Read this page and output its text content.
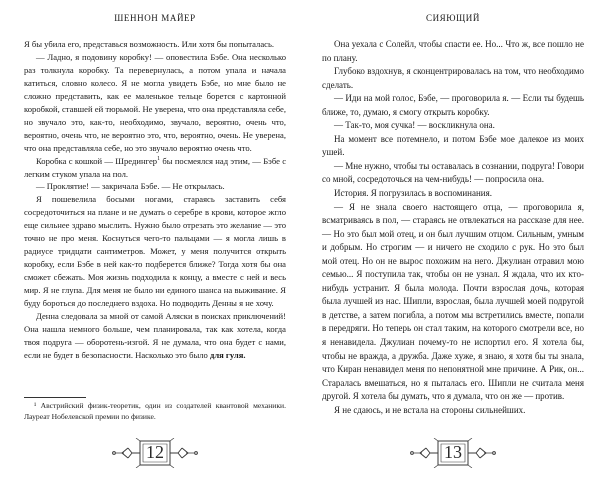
ШЕННОН МАЙЕР

Я бы убила его, представься возможность. Или хотя бы попыталась.

— Ладно, я подовину коробку! — оповестила Бэбе. Она несколько раз толкнула коробку. Та перевернулась, а потом упала и начала катиться, словно колесо. Я не могла увидеть Бэбе, но мне было не сложно представить, как ее маленькое тельце борется с картонной коробкой, ставшей ей тюрьмой. Не уверена, что она представляла себе, но звучало это, как-то, необходимо, звучало, вероятно, очень что, вероятно, очень что, не вероятно это, что, вероятно, очень. Не уверена, что она представляла себе, но это звучало вероятно очень что.

Коробка с кошкой — Шредингер$^1$ бы посмеялся над этим, — Бэбе с легким стуком упала на пол.

— Проклятие! — закричала Бэбе. — Не открылась.

Я пошевелила босыми ногами, стараясь заставить себя сосредоточиться на плане и не думать о серебре в крови, которое жгло еще сильнее здраво мыслить. Нужно было отрезать это желание — это точно не про меня. Коснуться чего-то пальцами — я могла лишь в радиусе тридцати сантиметров. Может, у меня получится открыть коробку, если Бэбе в ней как-то подберется ближе? Тогда хотя бы она сможет сбежать. Моя жизнь подходила к концу, а вместе с ней и весь мир. Я не глупа. Для меня не было ни единого шанса на выживание. Я буду бороться до последнего вздоха. Но подводить Денны я не хочу.

Денна следовала за мной от самой Аляски в поисках приключений! Она нашла немного больше, чем планировала, так как хотела, когда твоя подруга — оборотень-изгой. Я не думала, что она будет с нами, если не будет в безопасности. Насколько это было для гуля.

¹ Австрийский физик-теоретик, один из создателей квантовой механики. Лауреат Нобелевской премии по физике.

12
СИЯЮЩИЙ

Она уехала с Солейл, чтобы спасти ее. Но... Что ж, все пошло не по плану.

Глубоко вздохнув, я сконцентрировалась на том, что необходимо сделать.

— Иди на мой голос, Бэбе, — проговорила я. — Если ты будешь ближе, то, думаю, я смогу открыть коробку.

— Так-то, моя сучка! — воскликнула она.

На момент все потемнело, и потом Бэбе мое далекое из моих ушей.

— Мне нужно, чтобы ты оставалась в сознании, подруга! Говори со мной, сосредоточься на чем-нибудь! — попросила она.

История. Я погрузилась в воспоминания.

— Я не знала своего настоящего отца, — проговорила я, всматриваясь в пол, — стараясь не отвлекаться на рассказе для нее. — Но это был мой отец, и он был лучшим отцом. Сильным, умным и добрым. Но строгим — и ничего не сходило с рук. Но это был мой отец. Но он не вырос похожим на него. Джулиан отравил мою семью... Я поступила так, чтобы он не узнал. Я ждала, что их кто-нибудь устранит. Я была молода. Почти взрослая дочь, которая была лучшей из нас. Шипли, взрослая, была лучшей моей подругой в детстве, а затем погибла, а потом мы встретились вместе, попали в передряги. Но теперь он стал таким, на которого смотрели все, но я ненавидела. Джулиан почему-то не испортил его. Я хотела бы, чтобы не вражда, а дружба. Даже хуже, я знаю, я хотя бы ты знала, что Киран ненавидел меня по непонятной мне причине. А Рик, он... Старалась вмешаться, но я пыталась его. Шипли не считала меня другой. Я хотела бы думать, что я думала, что он же — против.

Я не сдаюсь, и не встала на стороны сильнейших.

13
